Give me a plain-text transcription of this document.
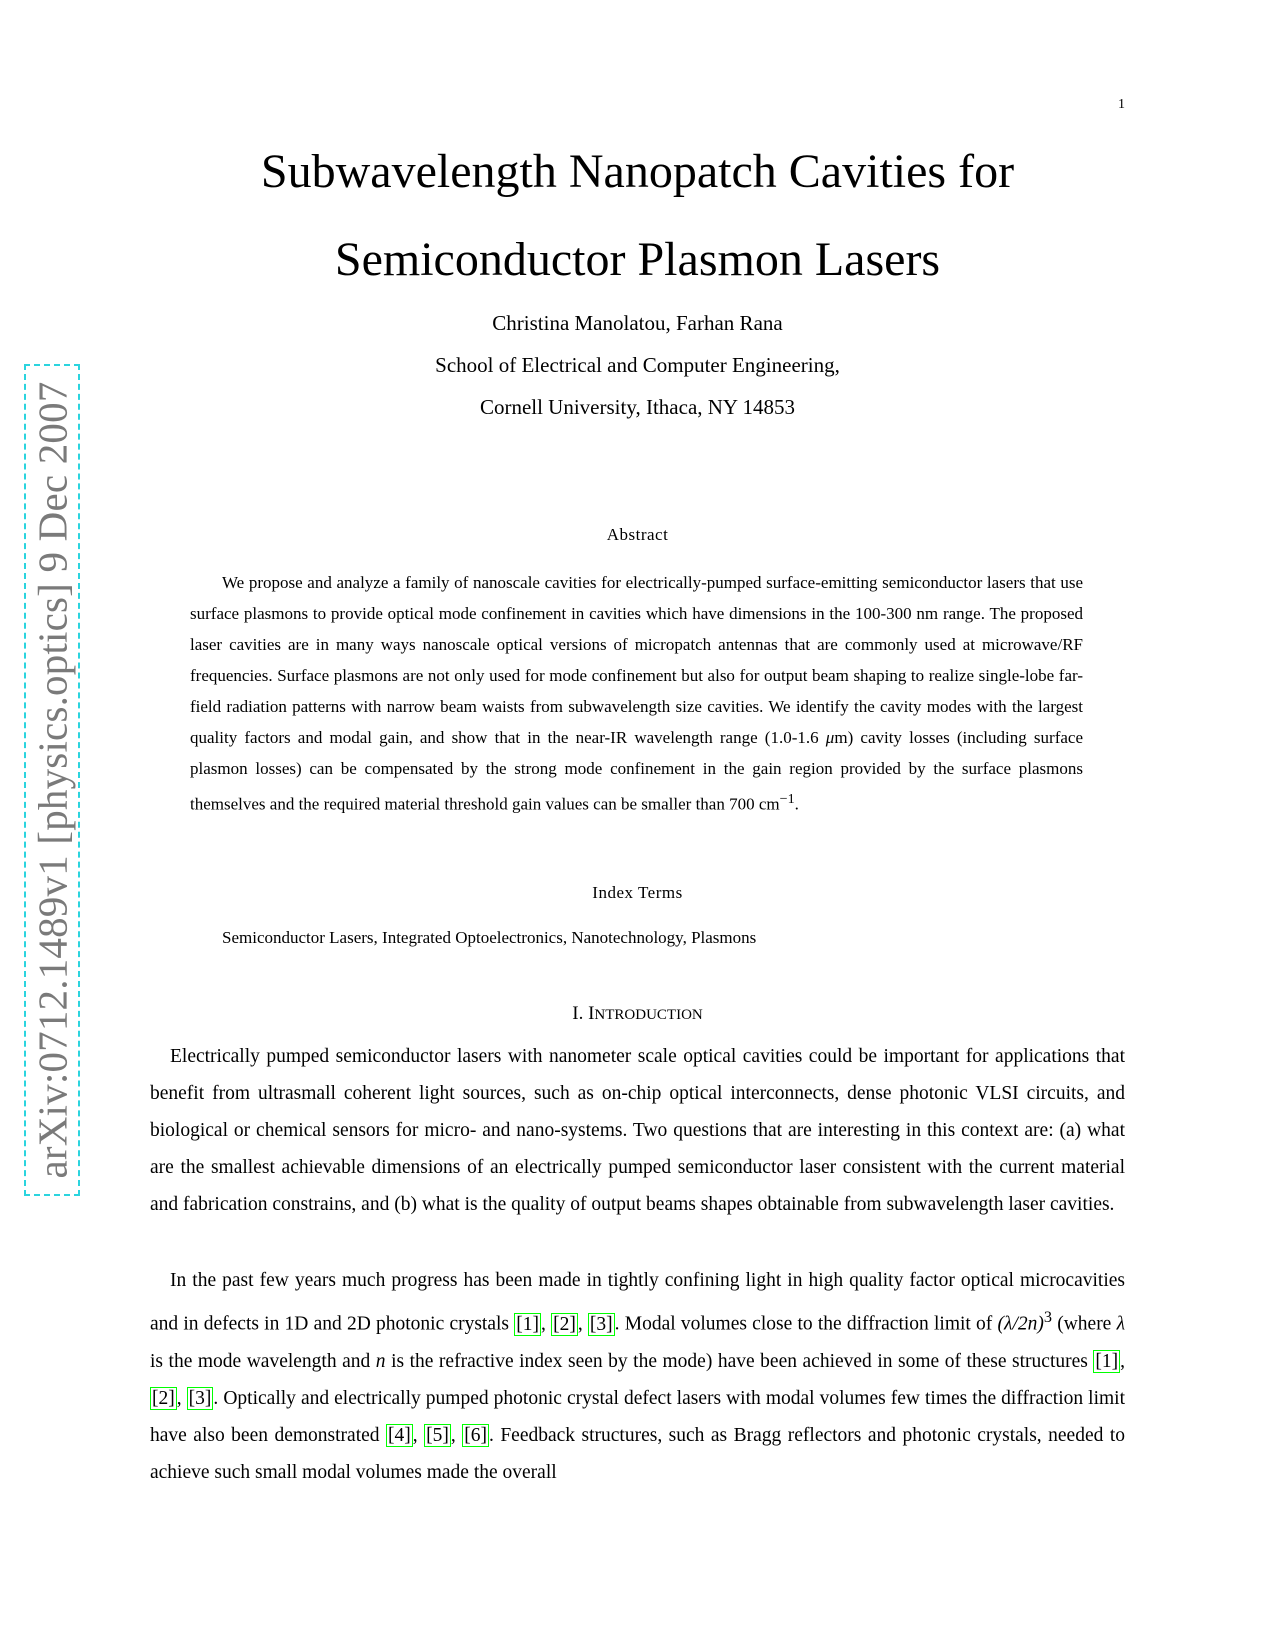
1
arXiv:0712.1489v1 [physics.optics] 9 Dec 2007
Subwavelength Nanopatch Cavities for
Semiconductor Plasmon Lasers
Christina Manolatou, Farhan Rana
School of Electrical and Computer Engineering,
Cornell University, Ithaca, NY 14853
Abstract

We propose and analyze a family of nanoscale cavities for electrically-pumped surface-emitting semiconductor lasers that use surface plasmons to provide optical mode confinement in cavities which have dimensions in the 100-300 nm range. The proposed laser cavities are in many ways nanoscale optical versions of micropatch antennas that are commonly used at microwave/RF frequencies. Surface plasmons are not only used for mode confinement but also for output beam shaping to realize single-lobe far-field radiation patterns with narrow beam waists from subwavelength size cavities. We identify the cavity modes with the largest quality factors and modal gain, and show that in the near-IR wavelength range (1.0-1.6 μm) cavity losses (including surface plasmon losses) can be compensated by the strong mode confinement in the gain region provided by the surface plasmons themselves and the required material threshold gain values can be smaller than 700 $cm^{-1}$.

Index Terms
Semiconductor Lasers, Integrated Optoelectronics, Nanotechnology, Plasmons
I. INTRODUCTION

Electrically pumped semiconductor lasers with nanometer scale optical cavities could be important for applications that benefit from ultrasmall coherent light sources, such as on-chip optical interconnects, dense photonic VLSI circuits, and biological or chemical sensors for micro- and nano-systems. Two questions that are interesting in this context are: (a) what are the smallest achievable dimensions of an electrically pumped semiconductor laser consistent with the current material and fabrication constrains, and (b) what is the quality of output beams shapes obtainable from subwavelength laser cavities.

In the past few years much progress has been made in tightly confining light in high quality factor optical microcavities and in defects in 1D and 2D photonic crystals [1] , [2] , [3] . Modal volumes close to the diffraction limit of $(\lambda/2n)^3$ (where λ is the mode wavelength and n is the refractive index seen by the mode) have been achieved in some of these structures [1] , [2] , [3] . Optically and electrically pumped photonic crystal defect lasers with modal volumes few times the diffraction limit have also been demonstrated [4] , [5] , [6] . Feedback structures, such as Bragg reflectors and photonic crystals, needed to achieve such small modal volumes made the overall
